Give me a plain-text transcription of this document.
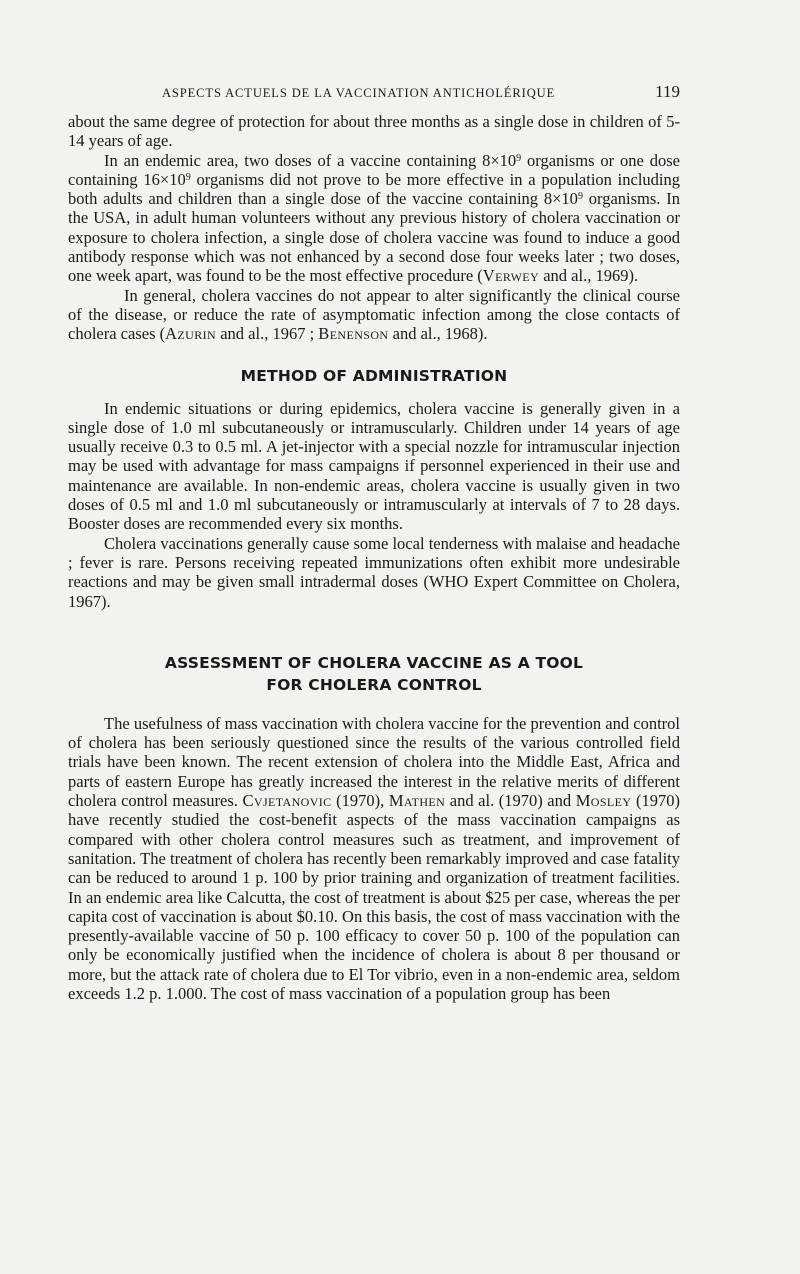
ASPECTS ACTUELS DE LA VACCINATION ANTICHOLÉRIQUE	119

about the same degree of protection for about three months as a single dose in children of 5-14 years of age.

In an endemic area, two doses of a vaccine containing $8\times 10^9$ organisms or one dose containing $16\times 10^9$ organisms did not prove to be more effective in a population including both adults and children than a single dose of the vaccine containing $8\times 10^9$ organisms. In the USA, in adult human volunteers without any previous history of cholera vaccination or exposure to cholera infection, a single dose of cholera vaccine was found to induce a good antibody response which was not enhanced by a second dose four weeks later ; two doses, one week apart, was found to be the most effective procedure (Verwey and al., 1969).

In general, cholera vaccines do not appear to alter significantly the clinical course of the disease, or reduce the rate of asymptomatic infection among the close contacts of cholera cases (Azurin and al., 1967 ; Benenson and al., 1968).

METHOD OF ADMINISTRATION

In endemic situations or during epidemics, cholera vaccine is generally given in a single dose of 1.0 ml subcutaneously or intramuscularly. Children under 14 years of age usually receive 0.3 to 0.5 ml. A jet-injector with a special nozzle for intramuscular injection may be used with advantage for mass campaigns if personnel experienced in their use and maintenance are available. In non-endemic areas, cholera vaccine is usually given in two doses of 0.5 ml and 1.0 ml subcutaneously or intramuscularly at intervals of 7 to 28 days. Booster doses are recommended every six months.

Cholera vaccinations generally cause some local tenderness with malaise and headache ; fever is rare. Persons receiving repeated immunizations often exhibit more undesirable reactions and may be given small intradermal doses (WHO Expert Committee on Cholera, 1967).

ASSESSMENT OF CHOLERA VACCINE AS A TOOL
FOR CHOLERA CONTROL

The usefulness of mass vaccination with cholera vaccine for the prevention and control of cholera has been seriously questioned since the results of the various controlled field trials have been known. The recent extension of cholera into the Middle East, Africa and parts of eastern Europe has greatly increased the interest in the relative merits of different cholera control measures. Cvjetanovic (1970), Mathen and al. (1970) and Mosley (1970) have recently studied the cost-benefit aspects of the mass vaccination campaigns as compared with other cholera control measures such as treatment, and improvement of sanitation. The treatment of cholera has recently been remarkably improved and case fatality can be reduced to around 1 p. 100 by prior training and organization of treatment facilities. In an endemic area like Calcutta, the cost of treatment is about $25 per case, whereas the per capita cost of vaccination is about $0.10. On this basis, the cost of mass vaccination with the presently-available vaccine of 50 p. 100 efficacy to cover 50 p. 100 of the population can only be economically justified when the incidence of cholera is about 8 per thousand or more, but the attack rate of cholera due to El Tor vibrio, even in a non-endemic area, seldom exceeds 1.2 p. 1.000. The cost of mass vaccination of a population group has been
